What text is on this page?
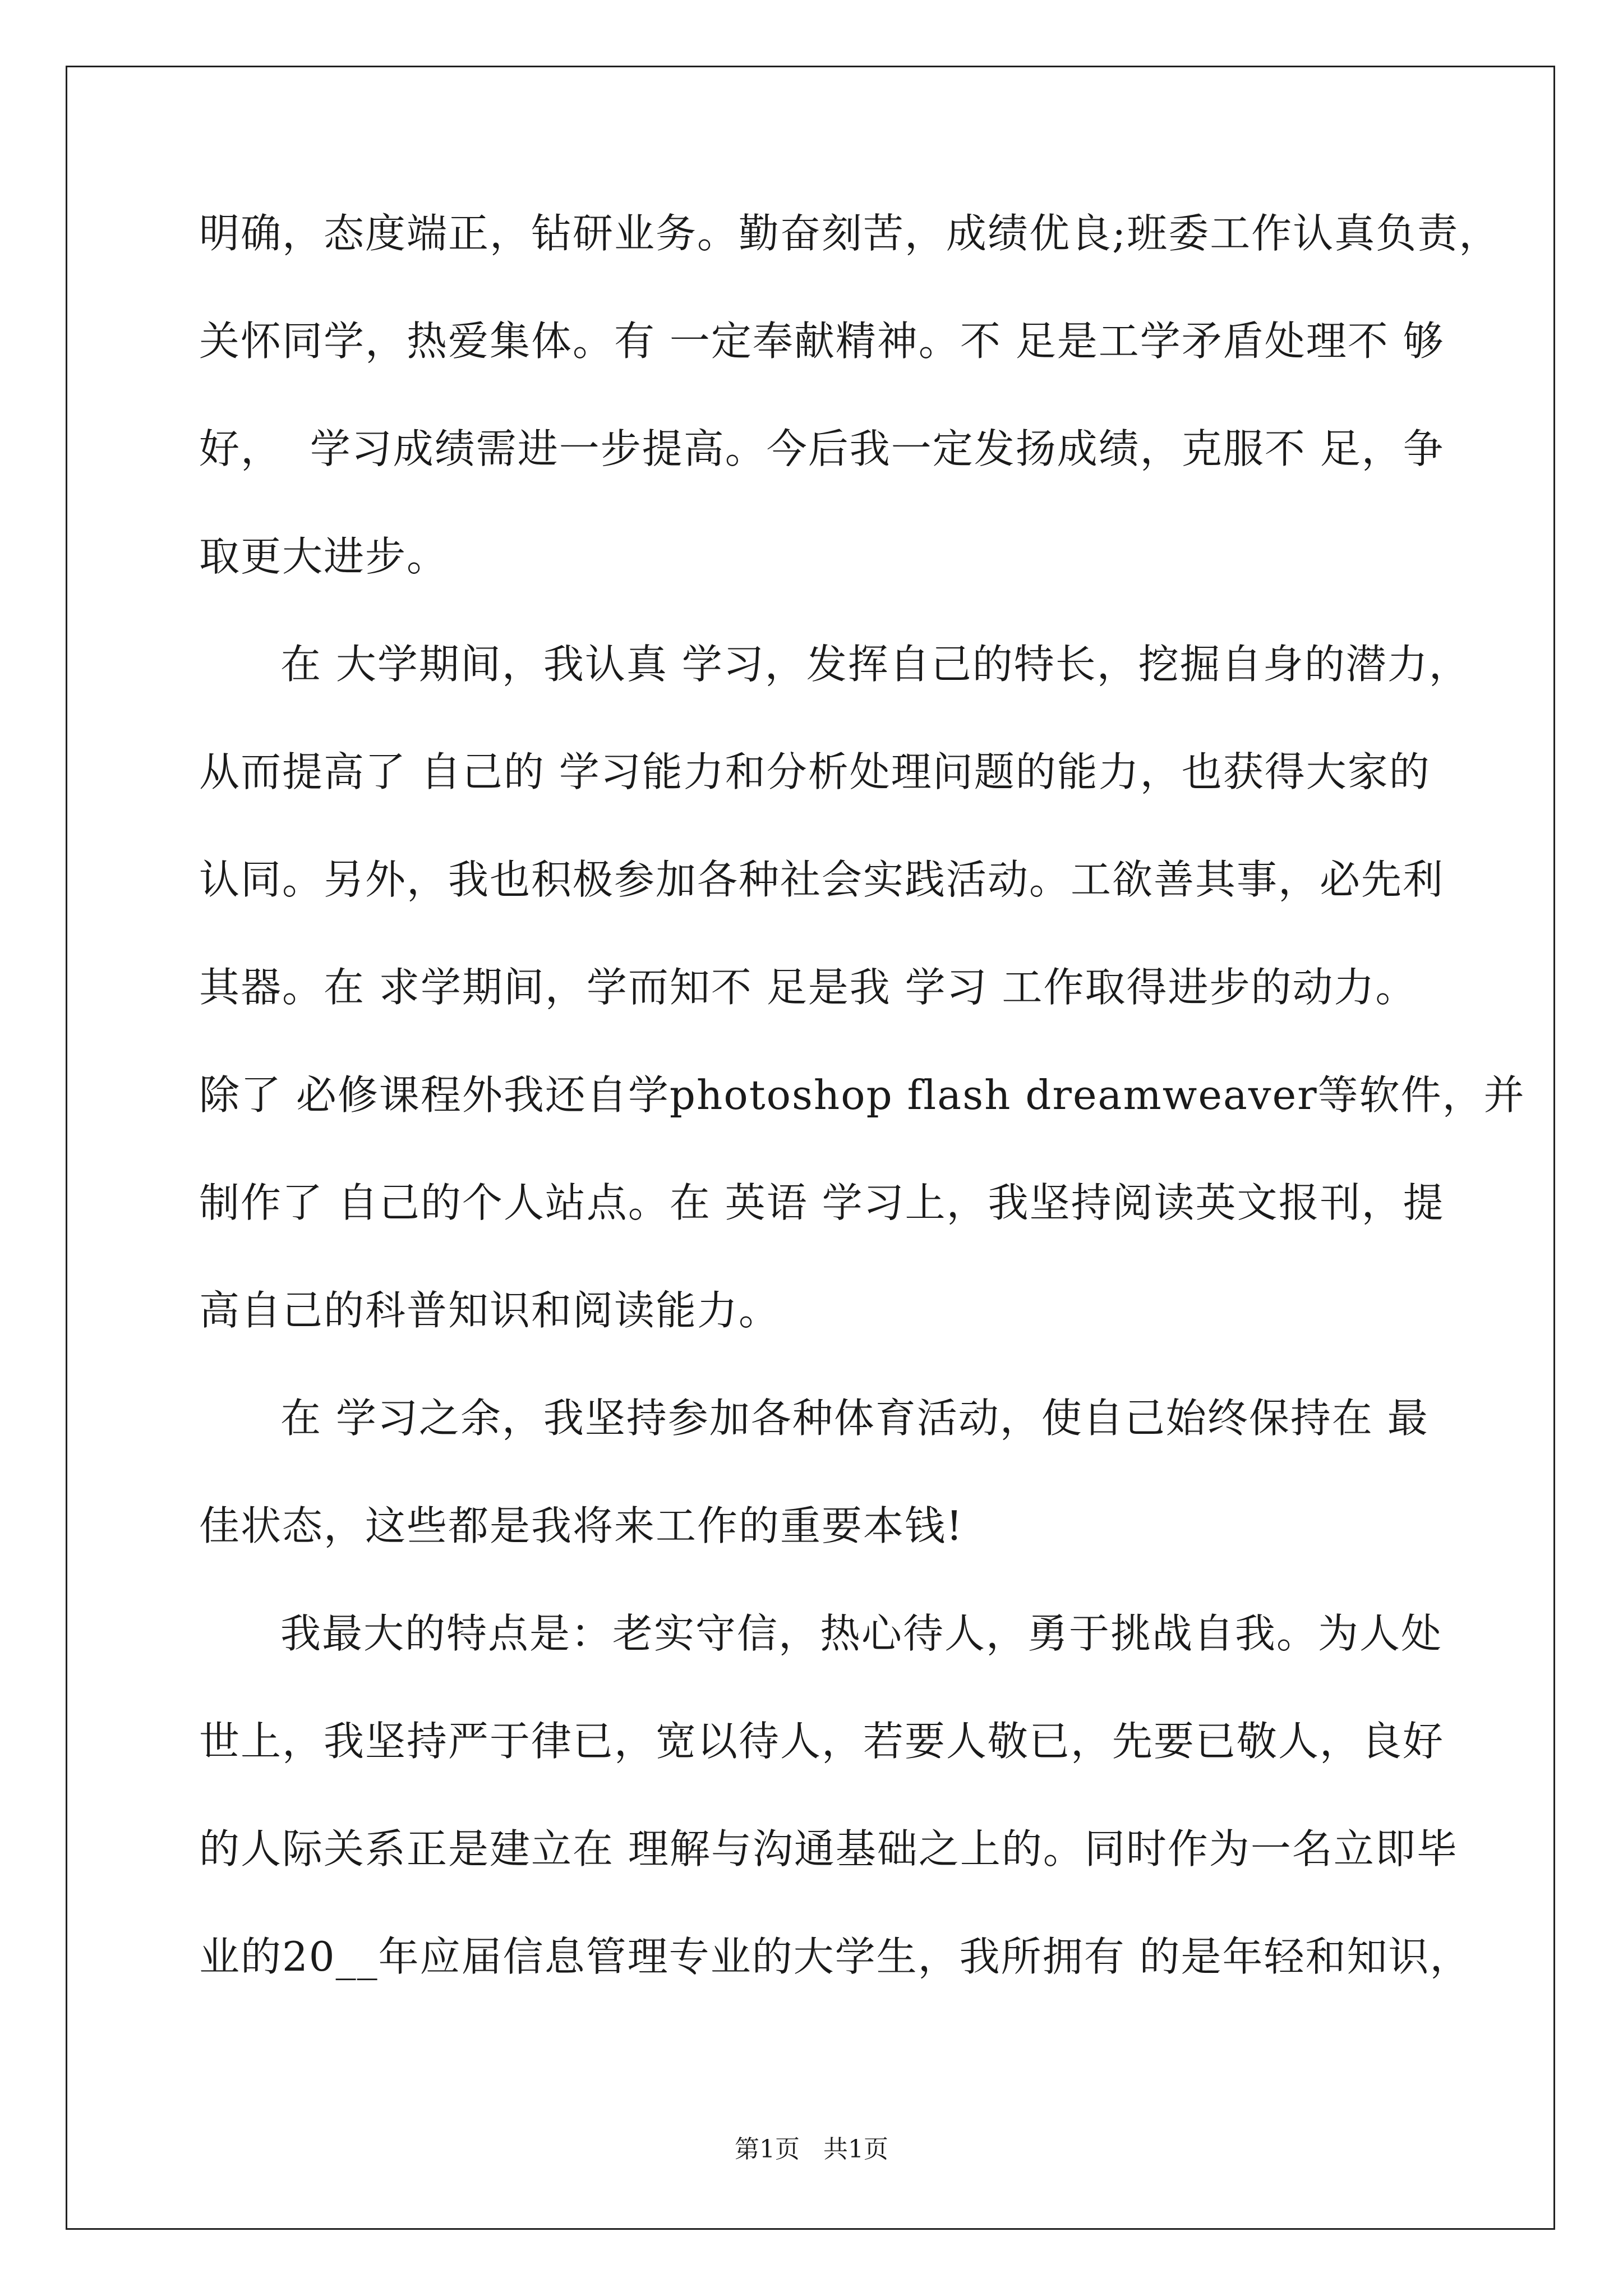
明确，态度端正，钻研业务。勤奋刻苦，成绩优良;班委工作认真负责，
关怀同学，热爱集体。有 一定奉献精神。不 足是工学矛盾处理不 够
好，  学习成绩需进一步提高。今后我一定发扬成绩，克服不 足，争
取更大进步。
在 大学期间，我认真 学习，发挥自己的特长，挖掘自身的潜力，
从而提高了 自己的 学习能力和分析处理问题的能力，也获得大家的
认同。另外，我也积极参加各种社会实践活动。工欲善其事，必先利
其器。在 求学期间，学而知不 足是我 学习 工作取得进步的动力。
除了 必修课程外我还自学photoshop flash dreamweaver等软件，并
制作了 自己的个人站点。在 英语 学习上，我坚持阅读英文报刊，提
高自己的科普知识和阅读能力。
在 学习之余，我坚持参加各种体育活动，使自己始终保持在 最
佳状态，这些都是我将来工作的重要本钱!
我最大的特点是：老实守信，热心待人，勇于挑战自我。为人处
世上，我坚持严于律已，宽以待人，若要人敬已，先要已敬人，良好
的人际关系正是建立在 理解与沟通基础之上的。同时作为一名立即毕
业的20__年应届信息管理专业的大学生，我所拥有 的是年轻和知识，
第1页   共1页
